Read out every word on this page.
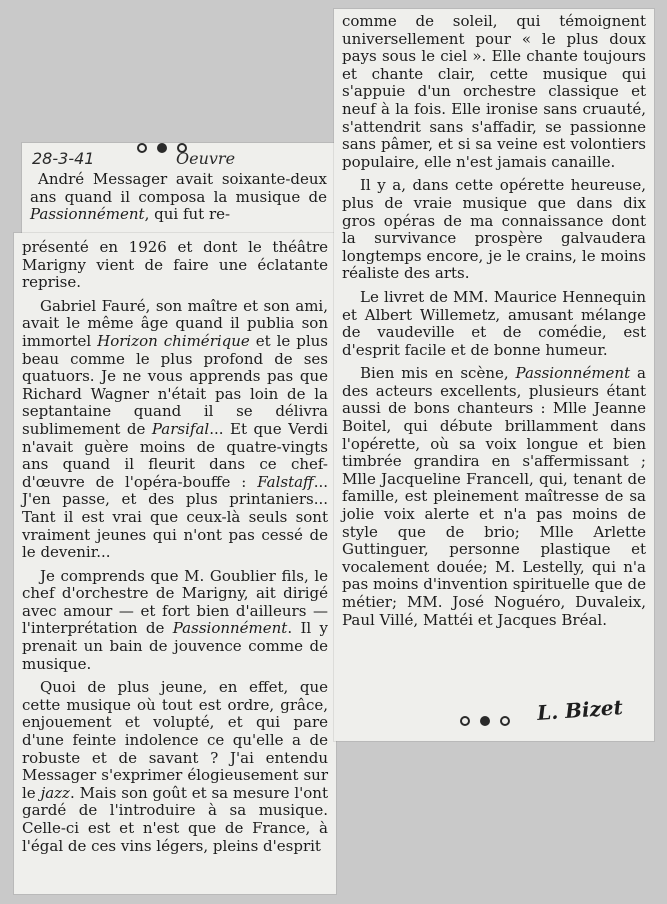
28-3-41	Oeuvre

André Messager avait soixante-deux ans quand il composa la musique de Passionnément, qui fut re-

présenté en 1926 et dont le théâtre Marigny vient de faire une éclatante reprise.

Gabriel Fauré, son maître et son ami, avait le même âge quand il publia son immortel Horizon chimérique et le plus beau comme le plus profond de ses quatuors. Je ne vous apprends pas que Richard Wagner n'était pas loin de la septantaine quand il se délivra sublimement de Parsifal... Et que Verdi n'avait guère moins de quatre-vingts ans quand il fleurit dans ce chef-d'œuvre de l'opéra-bouffe : Falstaff... J'en passe, et des plus printaniers... Tant il est vrai que ceux-là seuls sont vraiment jeunes qui n'ont pas cessé de le devenir...

Je comprends que M. Goublier fils, le chef d'orchestre de Marigny, ait dirigé avec amour — et fort bien d'ailleurs — l'interprétation de Passionnément. Il y prenait un bain de jouvence comme de musique.

Quoi de plus jeune, en effet, que cette musique où tout est ordre, grâce, enjouement et volupté, et qui pare d'une feinte indolence ce qu'elle a de robuste et de savant ? J'ai entendu Messager s'exprimer élogieusement sur le jazz. Mais son goût et sa mesure l'ont gardé de l'introduire à sa musique. Celle-ci est et n'est que de France, à l'égal de ces vins légers, pleins d'esprit

comme de soleil, qui témoignent universellement pour « le plus doux pays sous le ciel ». Elle chante toujours et chante clair, cette musique qui s'appuie d'un orchestre classique et neuf à la fois. Elle ironise sans cruauté, s'attendrit sans s'affadir, se passionne sans pâmer, et si sa veine est volontiers populaire, elle n'est jamais canaille.

Il y a, dans cette opérette heureuse, plus de vraie musique que dans dix gros opéras de ma connaissance dont la survivance prospère galvaudera longtemps encore, je le crains, le moins réaliste des arts.

Le livret de MM. Maurice Hennequin et Albert Willemetz, amusant mélange de vaudeville et de comédie, est d'esprit facile et de bonne humeur.

Bien mis en scène, Passionnément a des acteurs excellents, plusieurs étant aussi de bons chanteurs : Mlle Jeanne Boitel, qui débute brillamment dans l'opérette, où sa voix longue et bien timbrée grandira en s'affermissant ; Mlle Jacqueline Francell, qui, tenant de famille, est pleinement maîtresse de sa jolie voix alerte et n'a pas moins de style que de brio; Mlle Arlette Guttinguer, personne plastique et vocalement douée; M. Lestelly, qui n'a pas moins d'invention spirituelle que de métier; MM. José Noguéro, Duvaleix, Paul Villé, Mattéi et Jacques Bréal.

L. Bizet
